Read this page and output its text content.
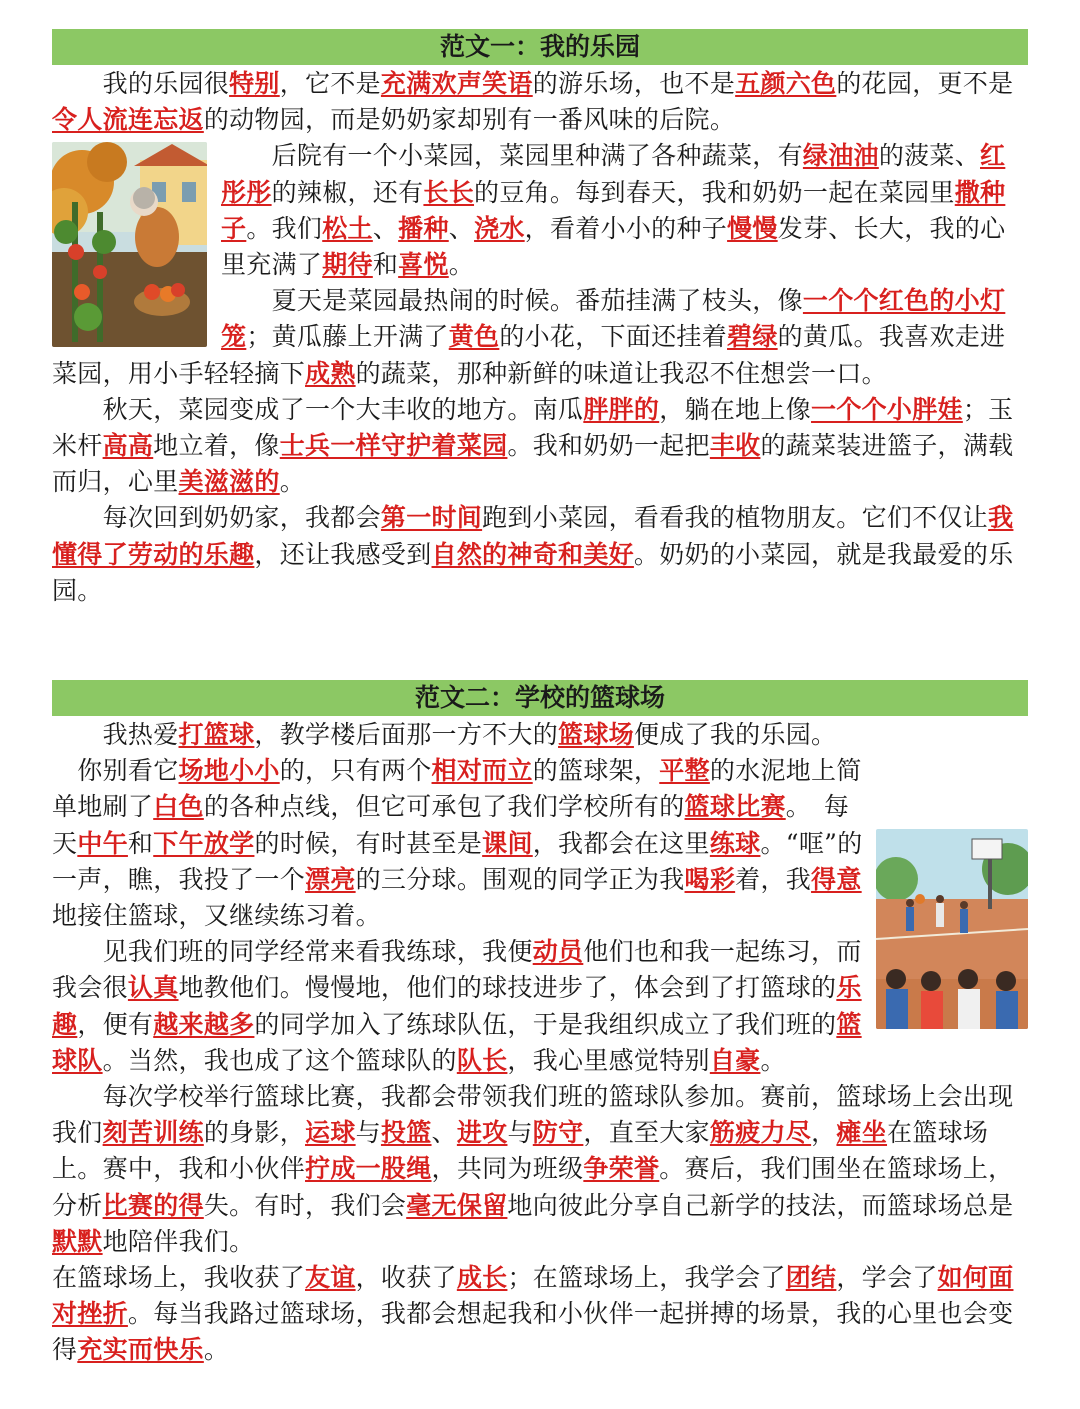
范文一：我的乐园

　　我的乐园很特别，它不是充满欢声笑语的游乐场，也不是五颜六色的花园，更不是令人流连忘返的动物园，而是奶奶家却别有一番风味的后院。

　　后院有一个小菜园，菜园里种满了各种蔬菜，有绿油油的菠菜、红彤彤的辣椒，还有长长的豆角。每到春天，我和奶奶一起在菜园里撒种子。我们松土、播种、浇水，看着小小的种子慢慢发芽、长大，我的心里充满了期待和喜悦。

　　夏天是菜园最热闹的时候。番茄挂满了枝头，像一个个红色的小灯笼；黄瓜藤上开满了黄色的小花，下面还挂着碧绿的黄瓜。我喜欢走进菜园，用小手轻轻摘下成熟的蔬菜，那种新鲜的味道让我忍不住想尝一口。

　　秋天，菜园变成了一个大丰收的地方。南瓜胖胖的，躺在地上像一个个小胖娃；玉米杆高高地立着，像士兵一样守护着菜园。我和奶奶一起把丰收的蔬菜装进篮子，满载而归，心里美滋滋的。

　　每次回到奶奶家，我都会第一时间跑到小菜园，看看我的植物朋友。它们不仅让我懂得了劳动的乐趣，还让我感受到自然的神奇和美好。奶奶的小菜园，就是我最爱的乐园。

范文二：学校的篮球场

　　我热爱打篮球，教学楼后面那一方不大的篮球场便成了我的乐园。

　你别看它场地小小的，只有两个相对而立的篮球架，平整的水泥地上简单地刷了白色的各种点线，但它可承包了我们学校所有的篮球比赛。　每天中午和下午放学的时候，有时甚至是课间，我都会在这里练球。“哐”的一声，瞧，我投了一个漂亮的三分球。围观的同学正为我喝彩着，我得意地接住篮球，又继续练习着。

　　见我们班的同学经常来看我练球，我便动员他们也和我一起练习，而我会很认真地教他们。慢慢地，他们的球技进步了，体会到了打篮球的乐趣，便有越来越多的同学加入了练球队伍，于是我组织成立了我们班的篮球队。当然，我也成了这个篮球队的队长，我心里感觉特别自豪。

　　每次学校举行篮球比赛，我都会带领我们班的篮球队参加。赛前，篮球场上会出现我们刻苦训练的身影，运球与投篮、进攻与防守，直至大家筋疲力尽，瘫坐在篮球场上。赛中，我和小伙伴拧成一股绳，共同为班级争荣誉。赛后，我们围坐在篮球场上，分析比赛的得失。有时，我们会毫无保留地向彼此分享自己新学的技法，而篮球场总是默默地陪伴我们。

在篮球场上，我收获了友谊，收获了成长；在篮球场上，我学会了团结，学会了如何面对挫折。每当我路过篮球场，我都会想起我和小伙伴一起拼搏的场景，我的心里也会变得充实而快乐。
